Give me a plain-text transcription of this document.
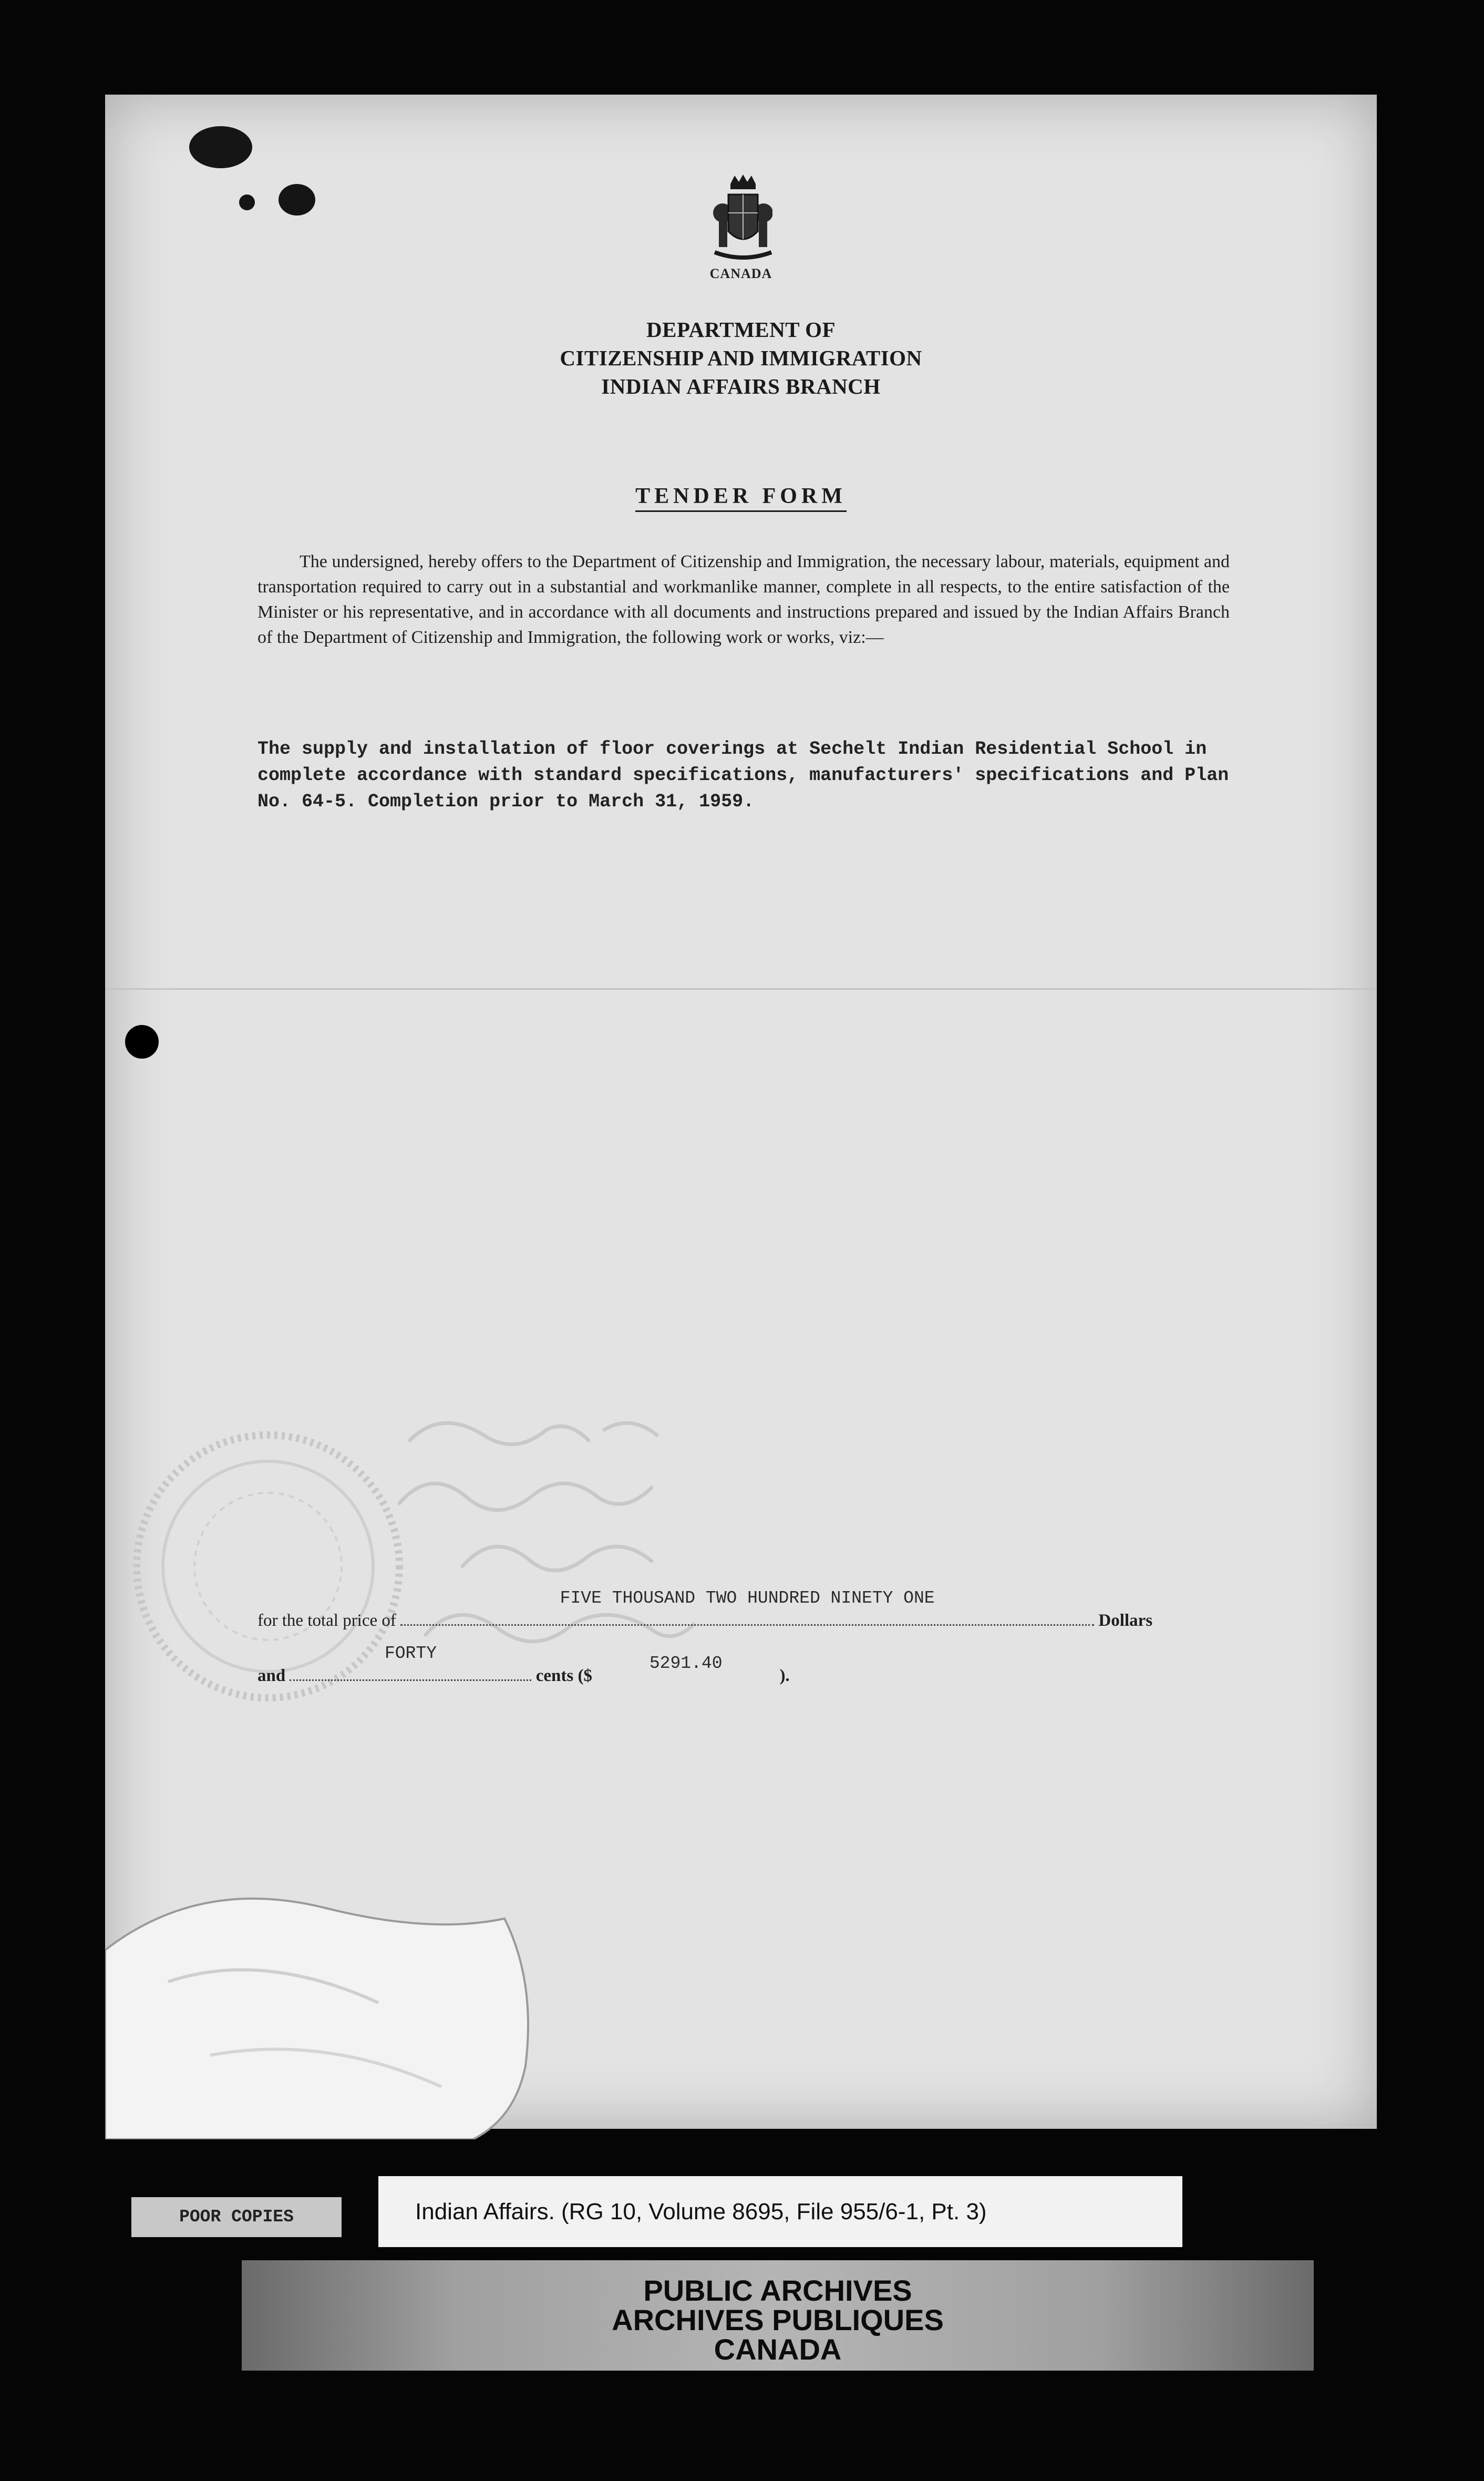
CANADA
DEPARTMENT OF
CITIZENSHIP AND IMMIGRATION
INDIAN AFFAIRS BRANCH
TENDER FORM

The undersigned, hereby offers to the Department of Citizenship and Immigration, the necessary labour, materials, equipment and transportation required to carry out in a substantial and workmanlike manner, complete in all respects, to the entire satisfaction of the Minister or his representative, and in accordance with all documents and instructions prepared and issued by the Indian Affairs Branch of the Department of Citizenship and Immigration, the following work or works, viz:—

The supply and installation of floor coverings at Sechelt Indian Residential School in complete accordance with standard specifications, manufacturers' specifications and Plan No. 64-5. Completion prior to March 31, 1959.

for the total price of
FIVE THOUSAND TWO HUNDRED NINETY ONE
Dollars
and
FORTY
cents ($
5291.40
).
POOR COPIES	Indian Affairs. (RG 10, Volume 8695, File 955/6-1, Pt. 3)
PUBLIC ARCHIVES
ARCHIVES PUBLIQUES
CANADA
